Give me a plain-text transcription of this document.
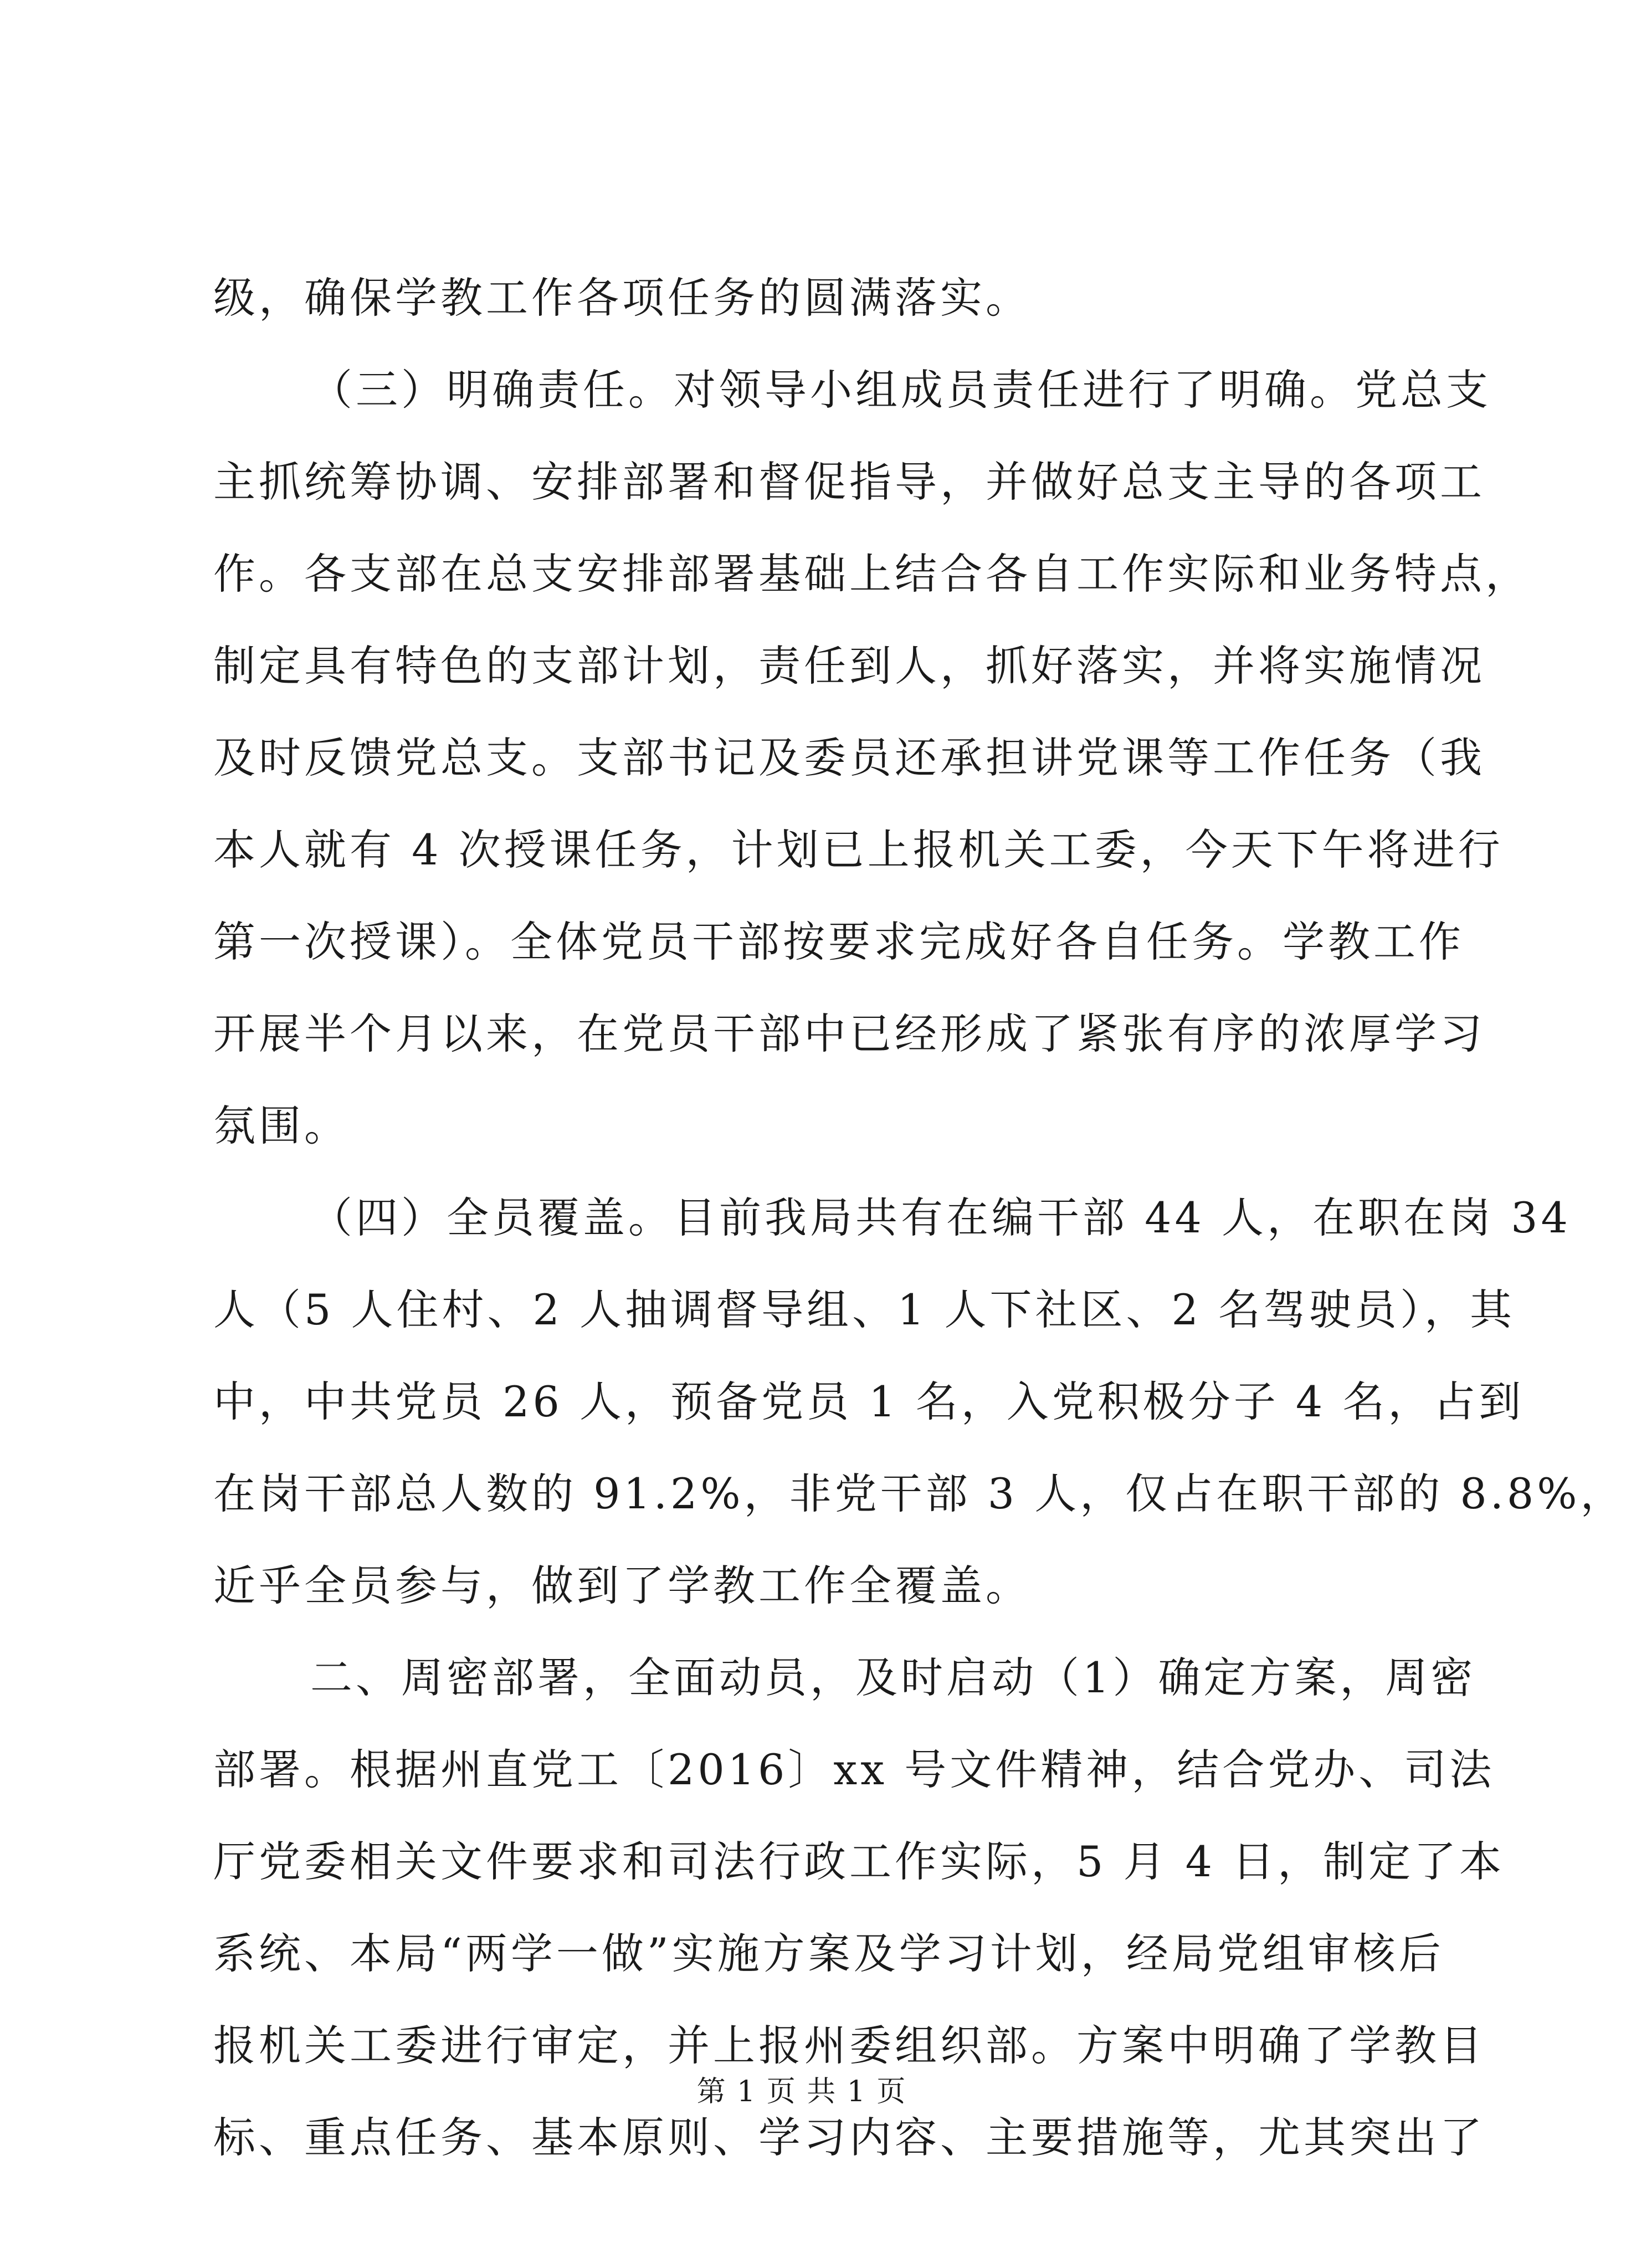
级，确保学教工作各项任务的圆满落实。
（三）明确责任。对领导小组成员责任进行了明确。党总支
主抓统筹协调、安排部署和督促指导，并做好总支主导的各项工
作。各支部在总支安排部署基础上结合各自工作实际和业务特点，
制定具有特色的支部计划，责任到人，抓好落实，并将实施情况
及时反馈党总支。支部书记及委员还承担讲党课等工作任务（我
本人就有 4 次授课任务，计划已上报机关工委，今天下午将进行
第一次授课）。全体党员干部按要求完成好各自任务。学教工作
开展半个月以来，在党员干部中已经形成了紧张有序的浓厚学习
氛围。
（四）全员覆盖。目前我局共有在编干部 44 人，在职在岗 34
人（5 人住村、2 人抽调督导组、1 人下社区、2 名驾驶员），其
中，中共党员 26 人，预备党员 1 名，入党积极分子 4 名，占到
在岗干部总人数的 91.2%，非党干部 3 人，仅占在职干部的 8.8%，
近乎全员参与，做到了学教工作全覆盖。
二、周密部署，全面动员，及时启动（1）确定方案，周密
部署。根据州直党工〔2016〕xx 号文件精神，结合党办、司法
厅党委相关文件要求和司法行政工作实际，5 月 4 日，制定了本
系统、本局“两学一做”实施方案及学习计划，经局党组审核后
报机关工委进行审定，并上报州委组织部。方案中明确了学教目
标、重点任务、基本原则、学习内容、主要措施等，尤其突出了
第 1 页 共 1 页
